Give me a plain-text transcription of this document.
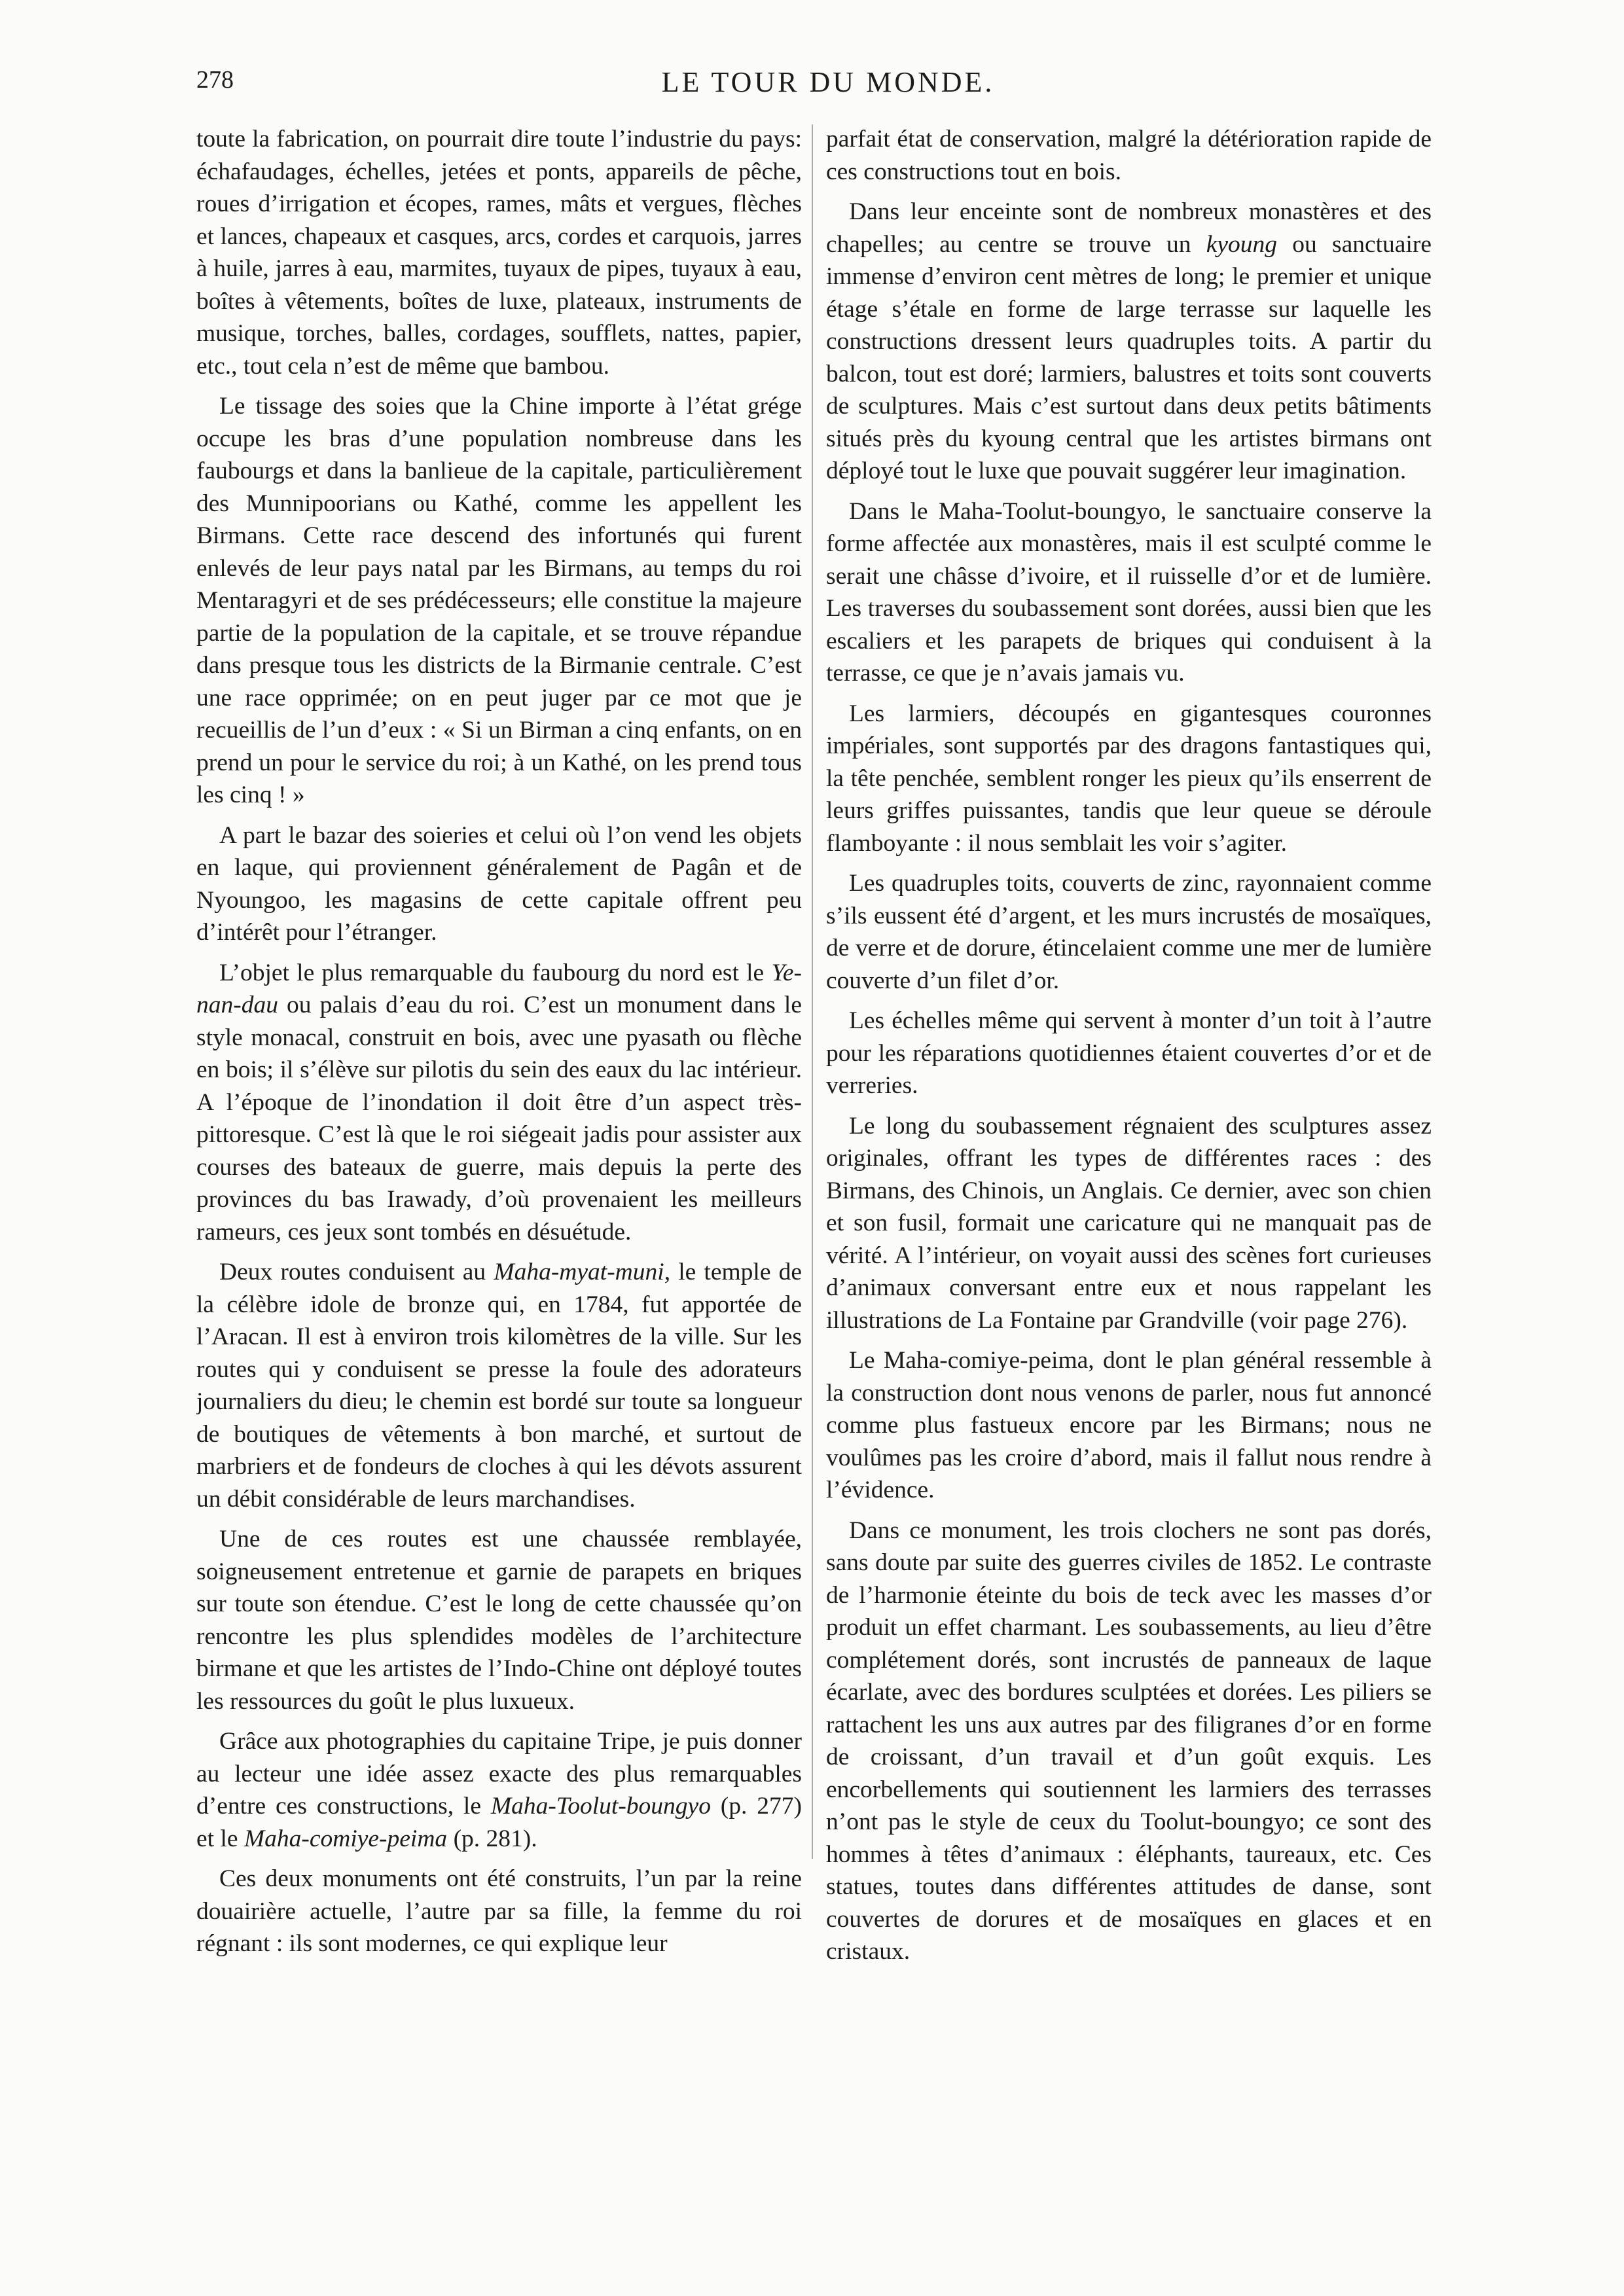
278	LE TOUR DU MONDE.

toute la fabrication, on pourrait dire toute l’industrie du pays: échafaudages, échelles, jetées et ponts, appareils de pêche, roues d’irrigation et écopes, rames, mâts et vergues, flèches et lances, chapeaux et casques, arcs, cordes et carquois, jarres à huile, jarres à eau, marmites, tuyaux de pipes, tuyaux à eau, boîtes à vêtements, boîtes de luxe, plateaux, instruments de musique, torches, balles, cordages, soufflets, nattes, papier, etc., tout cela n’est de même que bambou.

Le tissage des soies que la Chine importe à l’état grége occupe les bras d’une population nombreuse dans les faubourgs et dans la banlieue de la capitale, particulièrement des Munnipoorians ou Kathé, comme les appellent les Birmans. Cette race descend des infortunés qui furent enlevés de leur pays natal par les Birmans, au temps du roi Mentaragyri et de ses prédécesseurs; elle constitue la majeure partie de la population de la capitale, et se trouve répandue dans presque tous les districts de la Birmanie centrale. C’est une race opprimée; on en peut juger par ce mot que je recueillis de l’un d’eux : « Si un Birman a cinq enfants, on en prend un pour le service du roi; à un Kathé, on les prend tous les cinq ! »

A part le bazar des soieries et celui où l’on vend les objets en laque, qui proviennent généralement de Pagân et de Nyoungoo, les magasins de cette capitale offrent peu d’intérêt pour l’étranger.

L’objet le plus remarquable du faubourg du nord est le Ye-nan-dau ou palais d’eau du roi. C’est un monument dans le style monacal, construit en bois, avec une pyasath ou flèche en bois; il s’élève sur pilotis du sein des eaux du lac intérieur. A l’époque de l’inondation il doit être d’un aspect très-pittoresque. C’est là que le roi siégeait jadis pour assister aux courses des bateaux de guerre, mais depuis la perte des provinces du bas Irawady, d’où provenaient les meilleurs rameurs, ces jeux sont tombés en désuétude.

Deux routes conduisent au Maha-myat-muni, le temple de la célèbre idole de bronze qui, en 1784, fut apportée de l’Aracan. Il est à environ trois kilomètres de la ville. Sur les routes qui y conduisent se presse la foule des adorateurs journaliers du dieu; le chemin est bordé sur toute sa longueur de boutiques de vêtements à bon marché, et surtout de marbriers et de fondeurs de cloches à qui les dévots assurent un débit considérable de leurs marchandises.

Une de ces routes est une chaussée remblayée, soigneusement entretenue et garnie de parapets en briques sur toute son étendue. C’est le long de cette chaussée qu’on rencontre les plus splendides modèles de l’architecture birmane et que les artistes de l’Indo-Chine ont déployé toutes les ressources du goût le plus luxueux.

Grâce aux photographies du capitaine Tripe, je puis donner au lecteur une idée assez exacte des plus remarquables d’entre ces constructions, le Maha-Toolut-boungyo (p. 277) et le Maha-comiye-peima (p. 281).

Ces deux monuments ont été construits, l’un par la reine douairière actuelle, l’autre par sa fille, la femme du roi régnant : ils sont modernes, ce qui explique leur

parfait état de conservation, malgré la détérioration rapide de ces constructions tout en bois.

Dans leur enceinte sont de nombreux monastères et des chapelles; au centre se trouve un kyoung ou sanctuaire immense d’environ cent mètres de long; le premier et unique étage s’étale en forme de large terrasse sur laquelle les constructions dressent leurs quadruples toits. A partir du balcon, tout est doré; larmiers, balustres et toits sont couverts de sculptures. Mais c’est surtout dans deux petits bâtiments situés près du kyoung central que les artistes birmans ont déployé tout le luxe que pouvait suggérer leur imagination.

Dans le Maha-Toolut-boungyo, le sanctuaire conserve la forme affectée aux monastères, mais il est sculpté comme le serait une châsse d’ivoire, et il ruisselle d’or et de lumière. Les traverses du soubassement sont dorées, aussi bien que les escaliers et les parapets de briques qui conduisent à la terrasse, ce que je n’avais jamais vu.

Les larmiers, découpés en gigantesques couronnes impériales, sont supportés par des dragons fantastiques qui, la tête penchée, semblent ronger les pieux qu’ils enserrent de leurs griffes puissantes, tandis que leur queue se déroule flamboyante : il nous semblait les voir s’agiter.

Les quadruples toits, couverts de zinc, rayonnaient comme s’ils eussent été d’argent, et les murs incrustés de mosaïques, de verre et de dorure, étincelaient comme une mer de lumière couverte d’un filet d’or.

Les échelles même qui servent à monter d’un toit à l’autre pour les réparations quotidiennes étaient couvertes d’or et de verreries.

Le long du soubassement régnaient des sculptures assez originales, offrant les types de différentes races : des Birmans, des Chinois, un Anglais. Ce dernier, avec son chien et son fusil, formait une caricature qui ne manquait pas de vérité. A l’intérieur, on voyait aussi des scènes fort curieuses d’animaux conversant entre eux et nous rappelant les illustrations de La Fontaine par Grandville (voir page 276).

Le Maha-comiye-peima, dont le plan général ressemble à la construction dont nous venons de parler, nous fut annoncé comme plus fastueux encore par les Birmans; nous ne voulûmes pas les croire d’abord, mais il fallut nous rendre à l’évidence.

Dans ce monument, les trois clochers ne sont pas dorés, sans doute par suite des guerres civiles de 1852. Le contraste de l’harmonie éteinte du bois de teck avec les masses d’or produit un effet charmant. Les soubassements, au lieu d’être complétement dorés, sont incrustés de panneaux de laque écarlate, avec des bordures sculptées et dorées. Les piliers se rattachent les uns aux autres par des filigranes d’or en forme de croissant, d’un travail et d’un goût exquis. Les encorbellements qui soutiennent les larmiers des terrasses n’ont pas le style de ceux du Toolut-boungyo; ce sont des hommes à têtes d’animaux : éléphants, taureaux, etc. Ces statues, toutes dans différentes attitudes de danse, sont couvertes de dorures et de mosaïques en glaces et en cristaux.
